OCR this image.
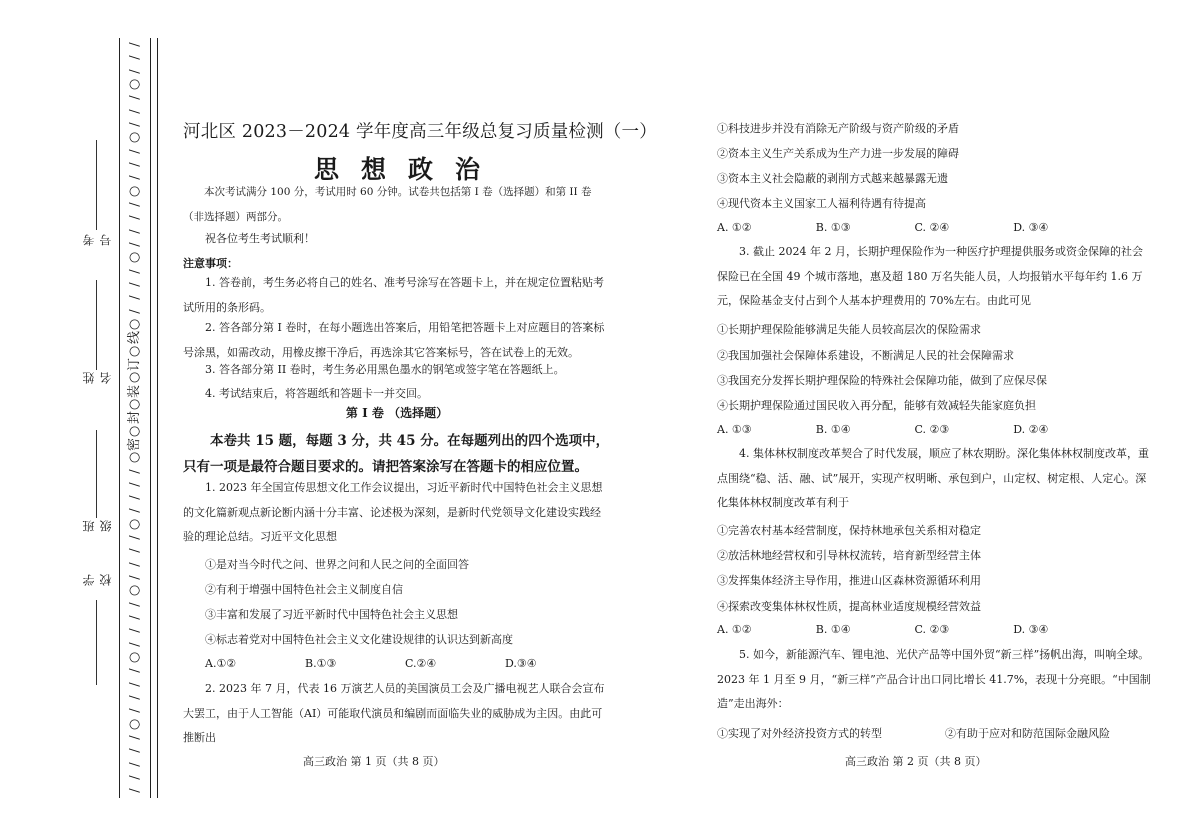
/
/
/
○
/
/
/
○
/
/
/
○
/
/
/
/
○
/
/
/
/
○
线
○
订
○
装
○
封
○
密
○
/
/
/
/
○
/
/
/
/
○
/
/
/
/
○
/
/
/
/
○
/
/
/
/
/
考号
姓名
班级
学校
河北区 2023－2024 学年度高三年级总复习质量检测（一）
思想政治
本次考试满分 100 分，考试用时 60 分钟。试卷共包括第 I 卷（选择题）和第 II 卷（非选择题）两部分。
祝各位考生考试顺利！
注意事项：
1. 答卷前，考生务必将自己的姓名、准考号涂写在答题卡上，并在规定位置粘贴考试所用的条形码。
2. 答各部分第 I 卷时，在每小题选出答案后，用铅笔把答题卡上对应题目的答案标号涂黑，如需改动，用橡皮擦干净后，再选涂其它答案标号，答在试卷上的无效。
3. 答各部分第 II 卷时，考生务必用黑色墨水的钢笔或签字笔在答题纸上。
4. 考试结束后，将答题纸和答题卡一并交回。
第 I 卷 （选择题）
本卷共 15 题，每题 3 分，共 45 分。在每题列出的四个选项中，只有一项是最符合题目要求的。请把答案涂写在答题卡的相应位置。
1. 2023 年全国宣传思想文化工作会议提出，习近平新时代中国特色社会主义思想的文化篇新观点新论断内涵十分丰富、论述极为深刻，是新时代党领导文化建设实践经验的理论总结。习近平文化思想
①是对当今时代之问、世界之问和人民之问的全面回答
②有利于增强中国特色社会主义制度自信
③丰富和发展了习近平新时代中国特色社会主义思想
④标志着党对中国特色社会主义文化建设规律的认识达到新高度
A.①②	B.①③	C.②④	D.③④
2. 2023 年 7 月，代表 16 万演艺人员的美国演员工会及广播电视艺人联合会宣布大罢工，由于人工智能（AI）可能取代演员和编剧而面临失业的威胁成为主因。由此可推断出
高三政治 第 1 页（共 8 页）
①科技进步并没有消除无产阶级与资产阶级的矛盾
②资本主义生产关系成为生产力进一步发展的障碍
③资本主义社会隐蔽的剥削方式越来越暴露无遗
④现代资本主义国家工人福利待遇有待提高
A. ①②	B. ①③	C. ②④	D. ③④
3. 截止 2024 年 2 月，长期护理保险作为一种医疗护理提供服务或资金保障的社会保险已在全国 49 个城市落地，惠及超 180 万名失能人员，人均报销水平每年约 1.6 万元，保险基金支付占到个人基本护理费用的 70%左右。由此可见
①长期护理保险能够满足失能人员较高层次的保险需求
②我国加强社会保障体系建设，不断满足人民的社会保障需求
③我国充分发挥长期护理保险的特殊社会保障功能，做到了应保尽保
④长期护理保险通过国民收入再分配，能够有效减轻失能家庭负担
A. ①③	B. ①④	C. ②③	D. ②④
4. 集体林权制度改革契合了时代发展，顺应了林农期盼。深化集体林权制度改革，重点围绕“稳、活、融、试”展开，实现产权明晰、承包到户，山定权、树定根、人定心。深化集体林权制度改革有利于
①完善农村基本经营制度，保持林地承包关系相对稳定
②放活林地经营权和引导林权流转，培育新型经营主体
③发挥集体经济主导作用，推进山区森林资源循环利用
④探索改变集体林权性质，提高林业适度规模经营效益
A. ①②	B. ①④	C. ②③	D. ③④
5. 如今，新能源汽车、锂电池、光伏产品等中国外贸“新三样”扬帆出海，叫响全球。2023 年 1 月至 9 月，“新三样”产品合计出口同比增长 41.7%，表现十分亮眼。“中国制造”走出海外：
①实现了对外经济投资方式的转型	②有助于应对和防范国际金融风险
高三政治 第 2 页（共 8 页）
